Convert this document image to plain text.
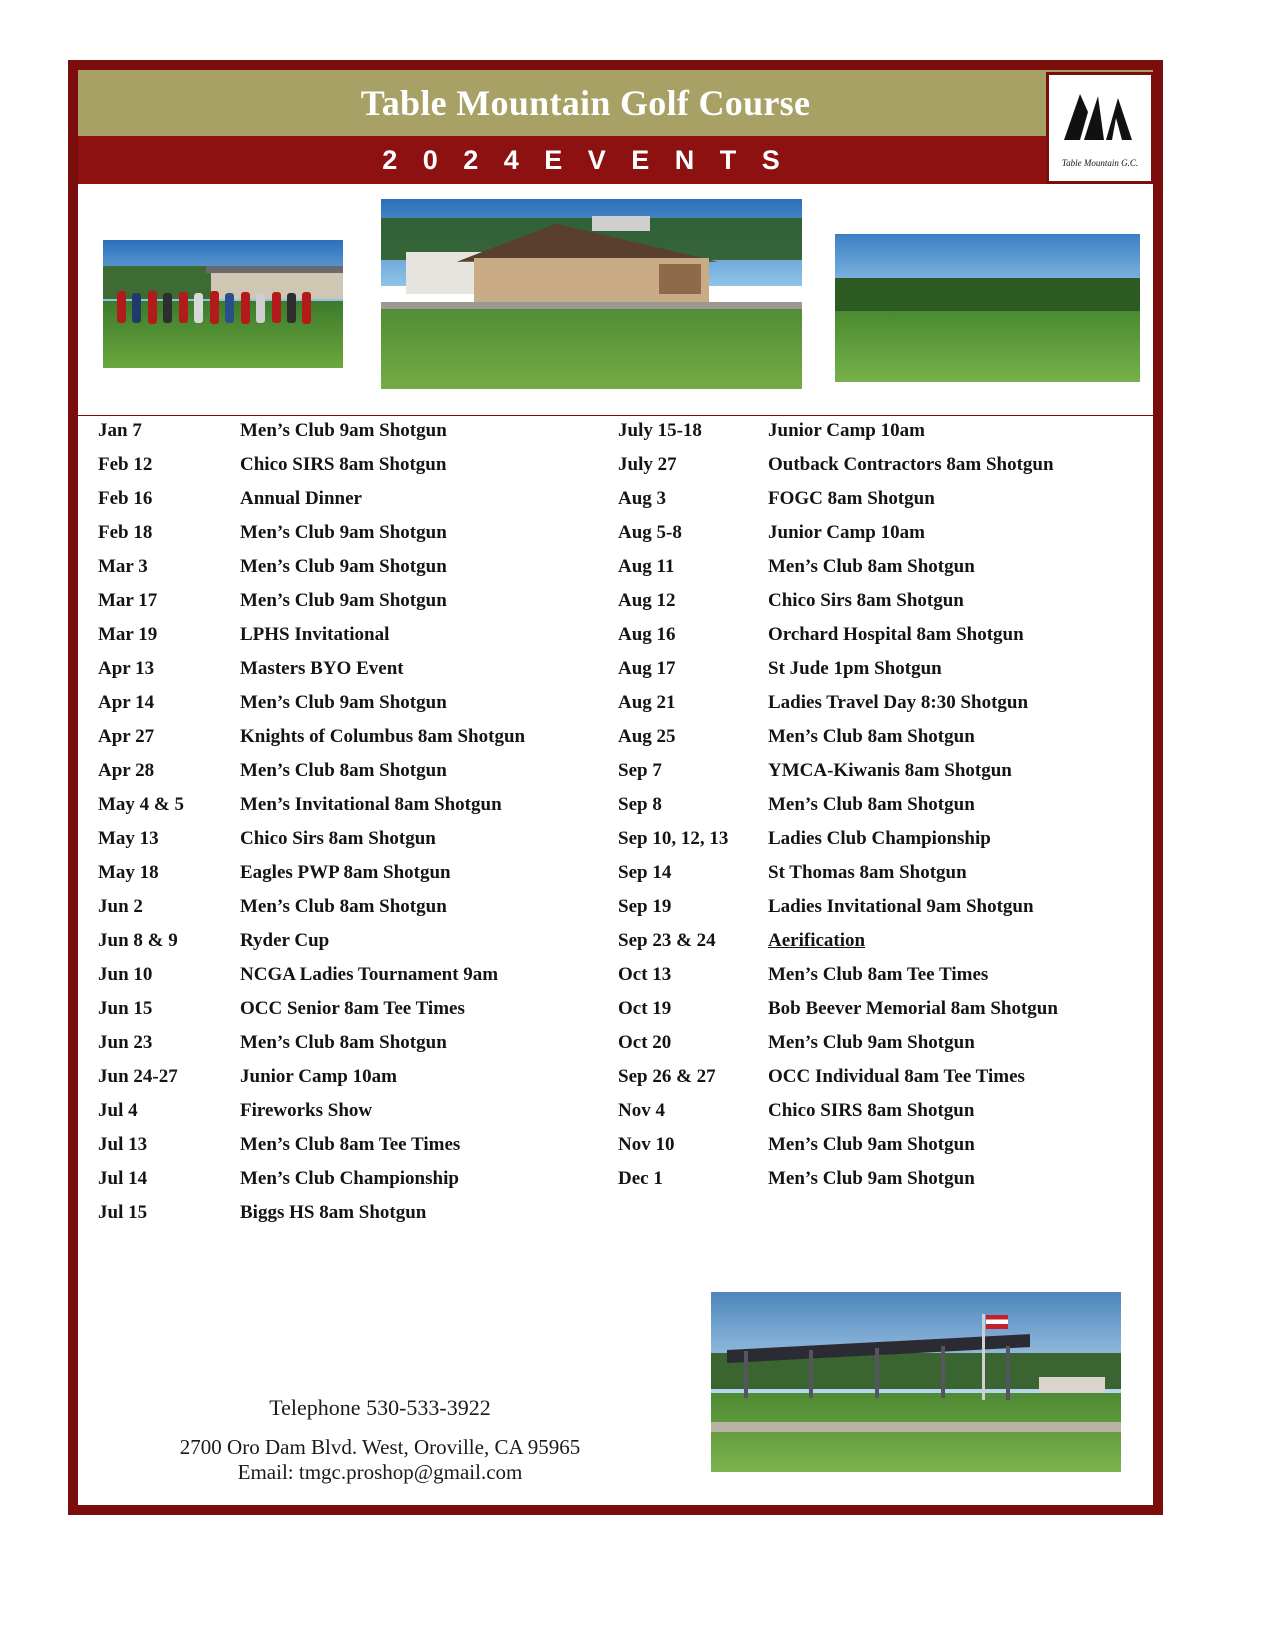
Table Mountain Golf Course
2 0 2 4 E V E N T S	Table Mountain G.C.
Jan 7	Men’s Club 9am Shotgun
Feb 12	Chico SIRS 8am Shotgun
Feb 16	Annual Dinner
Feb 18	Men’s Club 9am Shotgun
Mar 3	Men’s Club 9am Shotgun
Mar 17	Men’s Club 9am Shotgun
Mar 19	LPHS Invitational
Apr 13	Masters BYO Event
Apr 14	Men’s Club 9am Shotgun
Apr 27	Knights of Columbus 8am Shotgun
Apr 28	Men’s Club 8am Shotgun
May 4 & 5	Men’s Invitational 8am Shotgun
May 13	Chico Sirs 8am Shotgun
May 18	Eagles PWP 8am Shotgun
Jun 2	Men’s Club 8am Shotgun
Jun 8 & 9	Ryder Cup
Jun 10	NCGA Ladies Tournament 9am
Jun 15	OCC Senior 8am Tee Times
Jun 23	Men’s Club 8am Shotgun
Jun 24-27	Junior Camp 10am
Jul 4	Fireworks Show
Jul 13	Men’s Club 8am Tee Times
Jul 14	Men’s Club Championship
Jul 15	Biggs HS 8am Shotgun
July 15-18	Junior Camp 10am
July 27	Outback Contractors 8am Shotgun
Aug 3	FOGC 8am Shotgun
Aug 5-8	Junior Camp 10am
Aug 11	Men’s Club 8am Shotgun
Aug 12	Chico Sirs 8am Shotgun
Aug 16	Orchard Hospital 8am Shotgun
Aug 17	St Jude 1pm Shotgun
Aug 21	Ladies Travel Day 8:30 Shotgun
Aug 25	Men’s Club 8am Shotgun
Sep 7	YMCA-Kiwanis 8am Shotgun
Sep 8	Men’s Club 8am Shotgun
Sep 10, 12, 13	Ladies Club Championship
Sep 14	St Thomas 8am Shotgun
Sep 19	Ladies Invitational 9am Shotgun
Sep 23 & 24	Aerification
Oct 13	Men’s Club 8am Tee Times
Oct 19	Bob Beever Memorial 8am Shotgun
Oct 20	Men’s Club 9am Shotgun
Sep 26 & 27	OCC Individual 8am Tee Times
Nov 4	Chico SIRS 8am Shotgun
Nov 10	Men’s Club 9am Shotgun
Dec 1	Men’s Club 9am Shotgun
Telephone 530-533-3922
2700 Oro Dam Blvd. West, Oroville, CA 95965
Email: tmgc.proshop@gmail.com
